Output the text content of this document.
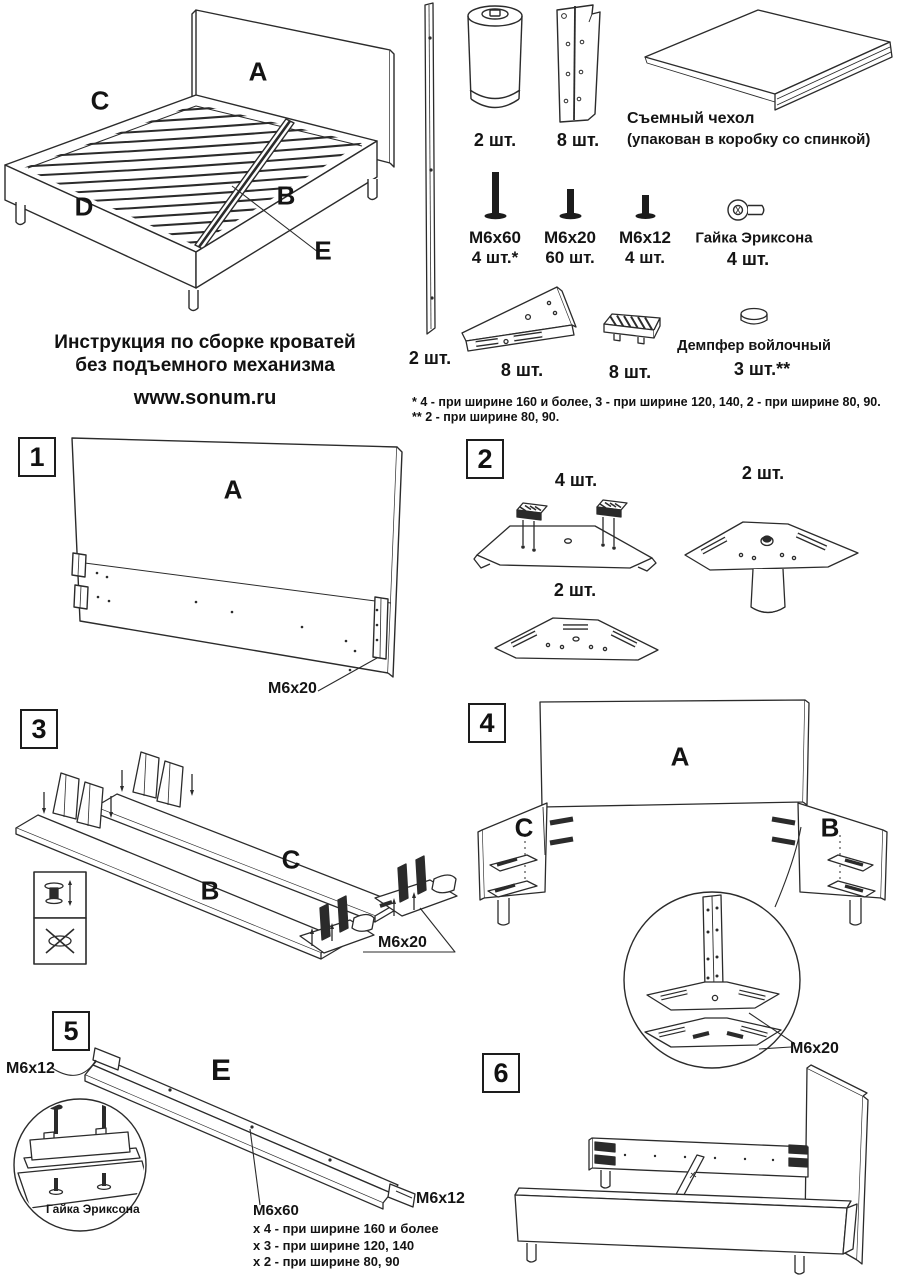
A
C
B
D
E
Инструкция по сборке кроватей
без подъемного механизма
www.sonum.ru
2 шт.
2 шт. 8 шт.
Съемный чехол
(упакован в коробку со спинкой)
М6х60
4 шт.*
М6х20
60 шт.
М6х12
4 шт.
Гайка Эриксона
4 шт.
8 шт.	8 шт.
Демпфер войлочный
3 шт.**
* 4 - при ширине 160 и более, 3 - при ширине 120, 140, 2 - при ширине 80, 90.
** 2 - при ширине 80, 90.
1
A
M6x20
2
4 шт.
2 шт.
2 шт.
3
B
C
M6x20
4
A
C	B
M6x20
5
M6x12	E
Гайка Эриксона
M6x12
M6x60
x 4 - при ширине 160 и более
x 3 - при ширине 120, 140
x 2 - при ширине 80, 90
6
